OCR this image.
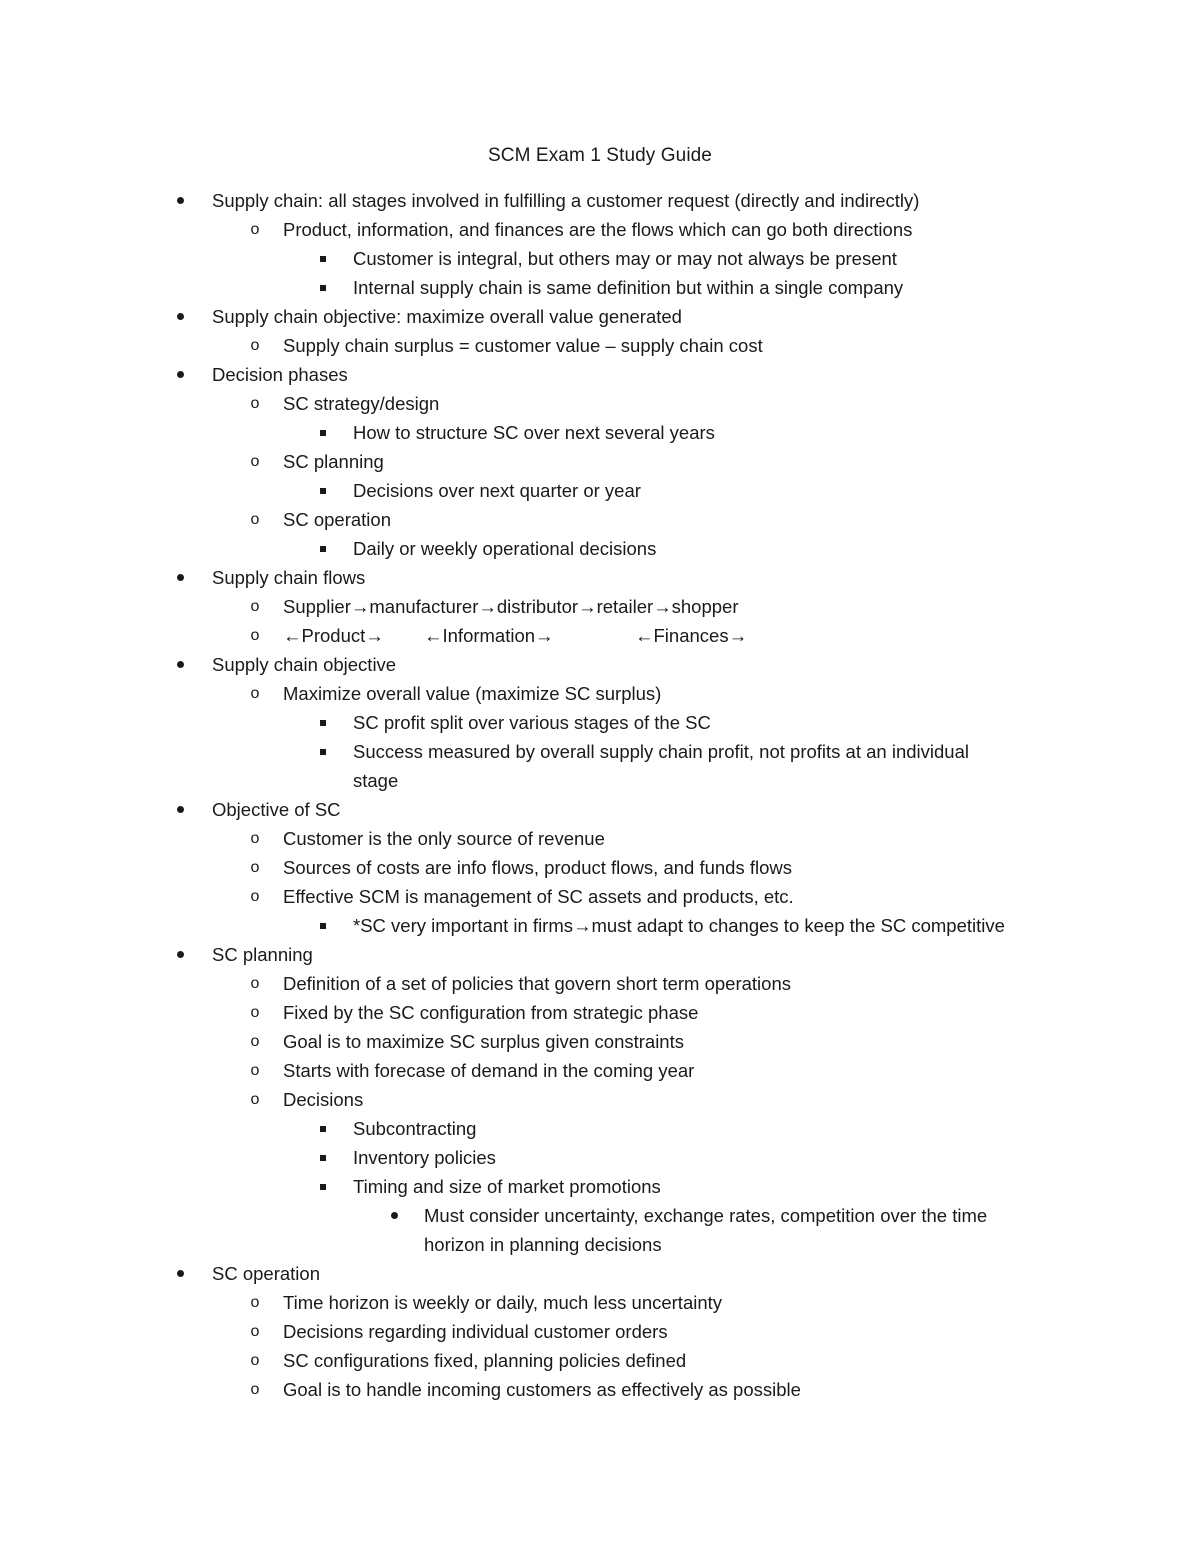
SCM Exam 1 Study Guide
Supply chain: all stages involved in fulfilling a customer request (directly and indirectly)
o Product, information, and finances are the flows which can go both directions
Customer is integral, but others may or may not always be present
Internal supply chain is same definition but within a single company
Supply chain objective: maximize overall value generated
o Supply chain surplus = customer value – supply chain cost
Decision phases
o SC strategy/design
How to structure SC over next several years
o SC planning
Decisions over next quarter or year
o SC operation
Daily or weekly operational decisions
Supply chain flows
o Supplier→manufacturer→distributor→retailer→shopper
o ←Product→ ←Information→	←Finances→
Supply chain objective
o Maximize overall value (maximize SC surplus)
SC profit split over various stages of the SC
Success measured by overall supply chain profit, not profits at an individual stage
Objective of SC
o Customer is the only source of revenue
o Sources of costs are info flows, product flows, and funds flows
o Effective SCM is management of SC assets and products, etc.
*SC very important in firms→must adapt to changes to keep the SC competitive
SC planning
o Definition of a set of policies that govern short term operations
o Fixed by the SC configuration from strategic phase
o Goal is to maximize SC surplus given constraints
o Starts with forecase of demand in the coming year
o Decisions
Subcontracting
Inventory policies
Timing and size of market promotions
Must consider uncertainty, exchange rates, competition over the time horizon in planning decisions
SC operation
o Time horizon is weekly or daily, much less uncertainty
o Decisions regarding individual customer orders
o SC configurations fixed, planning policies defined
o Goal is to handle incoming customers as effectively as possible
